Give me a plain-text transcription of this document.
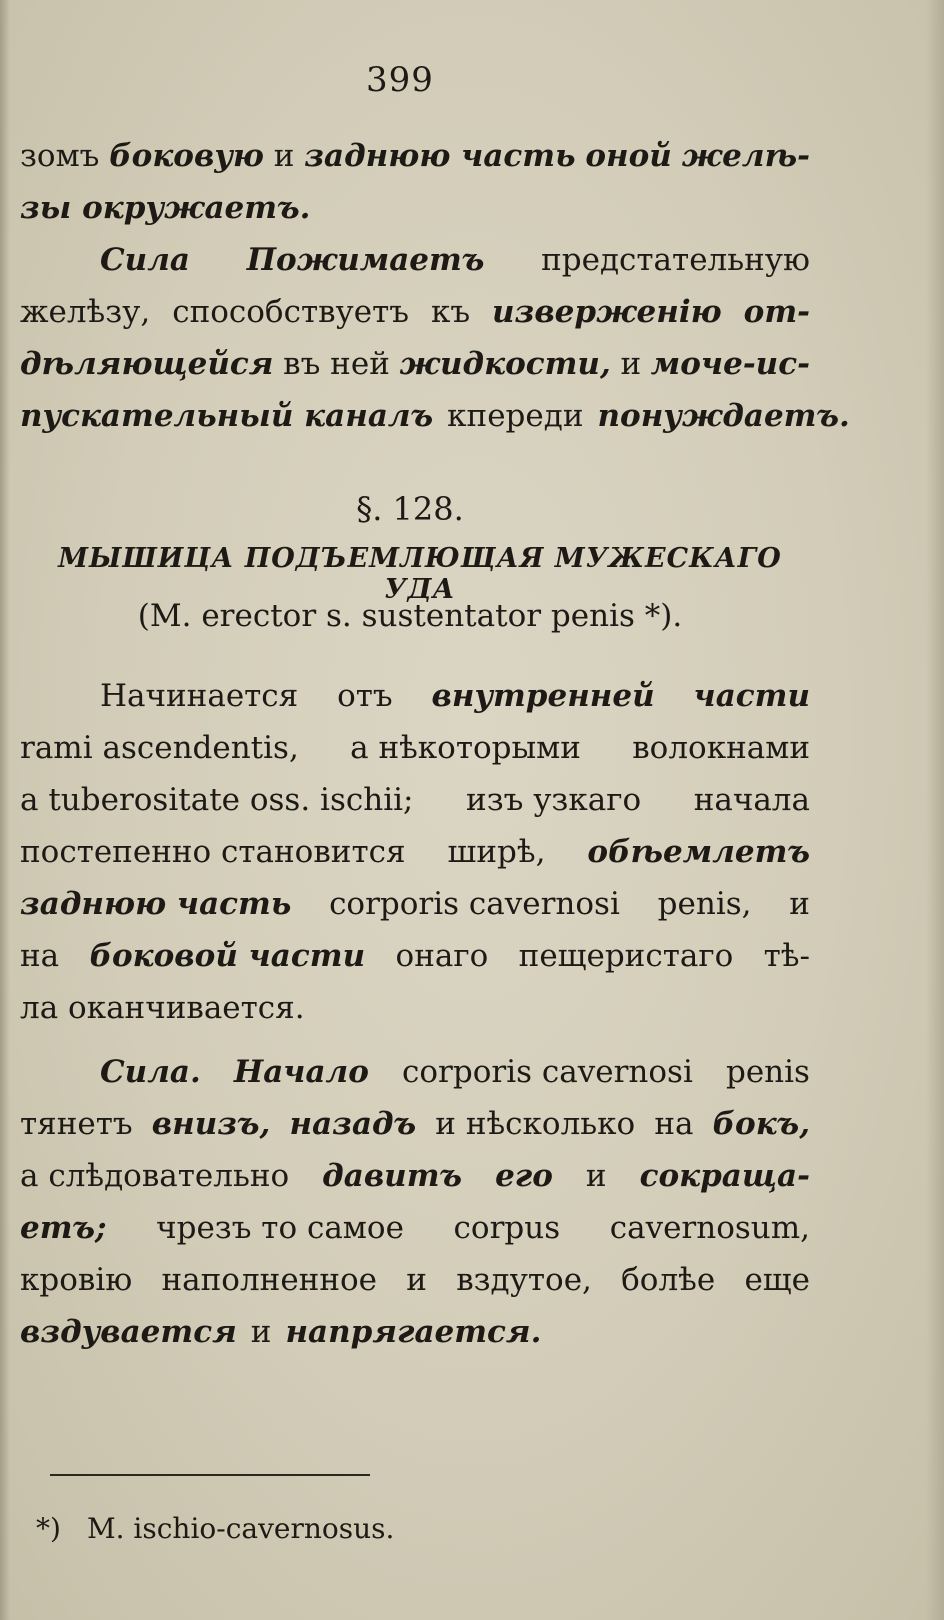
399
зомъ боковую и заднюю часть оной желѣ-
зы окружаетъ.
Сила Пожимаетъ предстательную
желѣзу, способствуетъ къ изверженію от-
дѣляющейся въ ней жидкости, и моче-ис-
пускательный каналъ кпереди понуждаетъ.
§. 128.
МЫШИЦА ПОДЪЕМЛЮЩАЯ МУЖЕСКАГО УДА
(M. erector s. sustentator penis *).
Начинается отъ внутренней части
rami ascendentis, а нѣкоторыми волокнами
a tuberositate oss. ischii; изъ узкаго начала
постепенно становится ширѣ, обѣемлетъ
заднюю часть corporis cavernosi penis, и
на боковой части онаго пещеристаго тѣ-
ла оканчивается.
Сила. Начало corporis cavernosi penis
тянетъ внизъ, назадъ и нѣсколько на бокъ,
а слѣдовательно давитъ его и сокраща-
етъ; чрезъ то самое corpus cavernosum,
кровію наполненное и вздутое, болѣе еще
вздувается и напрягается.
*) M. ischio-cavernosus.
